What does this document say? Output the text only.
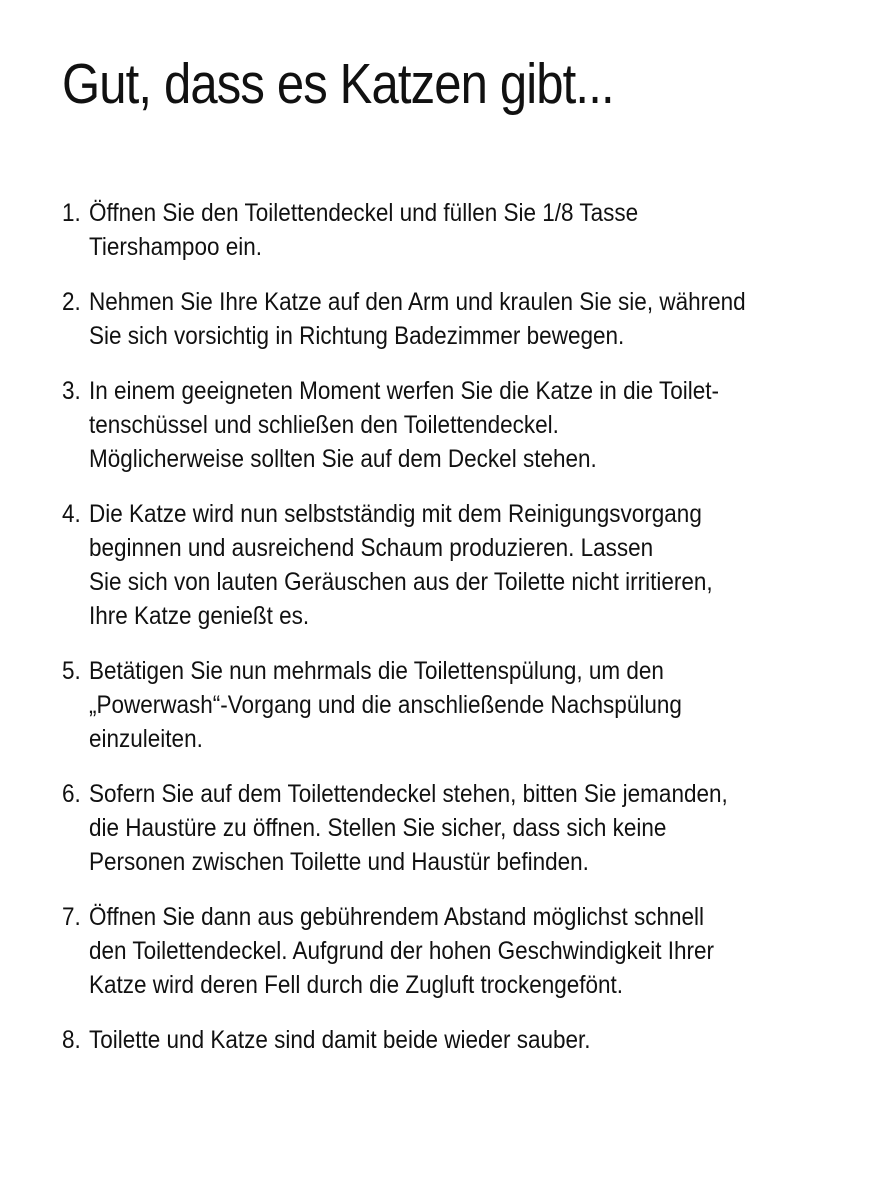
Gut, dass es Katzen gibt...
1. Öffnen Sie den Toilettendeckel und füllen Sie 1/8 Tasse
Tiershampoo ein.
2. Nehmen Sie Ihre Katze auf den Arm und kraulen Sie sie, während
Sie sich vorsichtig in Richtung Badezimmer bewegen.
3. In einem geeigneten Moment werfen Sie die Katze in die Toilet-
tenschüssel und schließen den Toilettendeckel.
Möglicherweise sollten Sie auf dem Deckel stehen.
4. Die Katze wird nun selbstständig mit dem Reinigungsvorgang
beginnen und ausreichend Schaum produzieren. Lassen
Sie sich von lauten Geräuschen aus der Toilette nicht irritieren,
Ihre Katze genießt es.
5. Betätigen Sie nun mehrmals die Toilettenspülung, um den
„Powerwash“-Vorgang und die anschließende Nachspülung
einzuleiten.
6. Sofern Sie auf dem Toilettendeckel stehen, bitten Sie jemanden,
die Haustüre zu öffnen. Stellen Sie sicher, dass sich keine
Personen zwischen Toilette und Haustür befinden.
7. Öffnen Sie dann aus gebührendem Abstand möglichst schnell
den Toilettendeckel. Aufgrund der hohen Geschwindigkeit Ihrer
Katze wird deren Fell durch die Zugluft trockengefönt.
8. Toilette und Katze sind damit beide wieder sauber.
